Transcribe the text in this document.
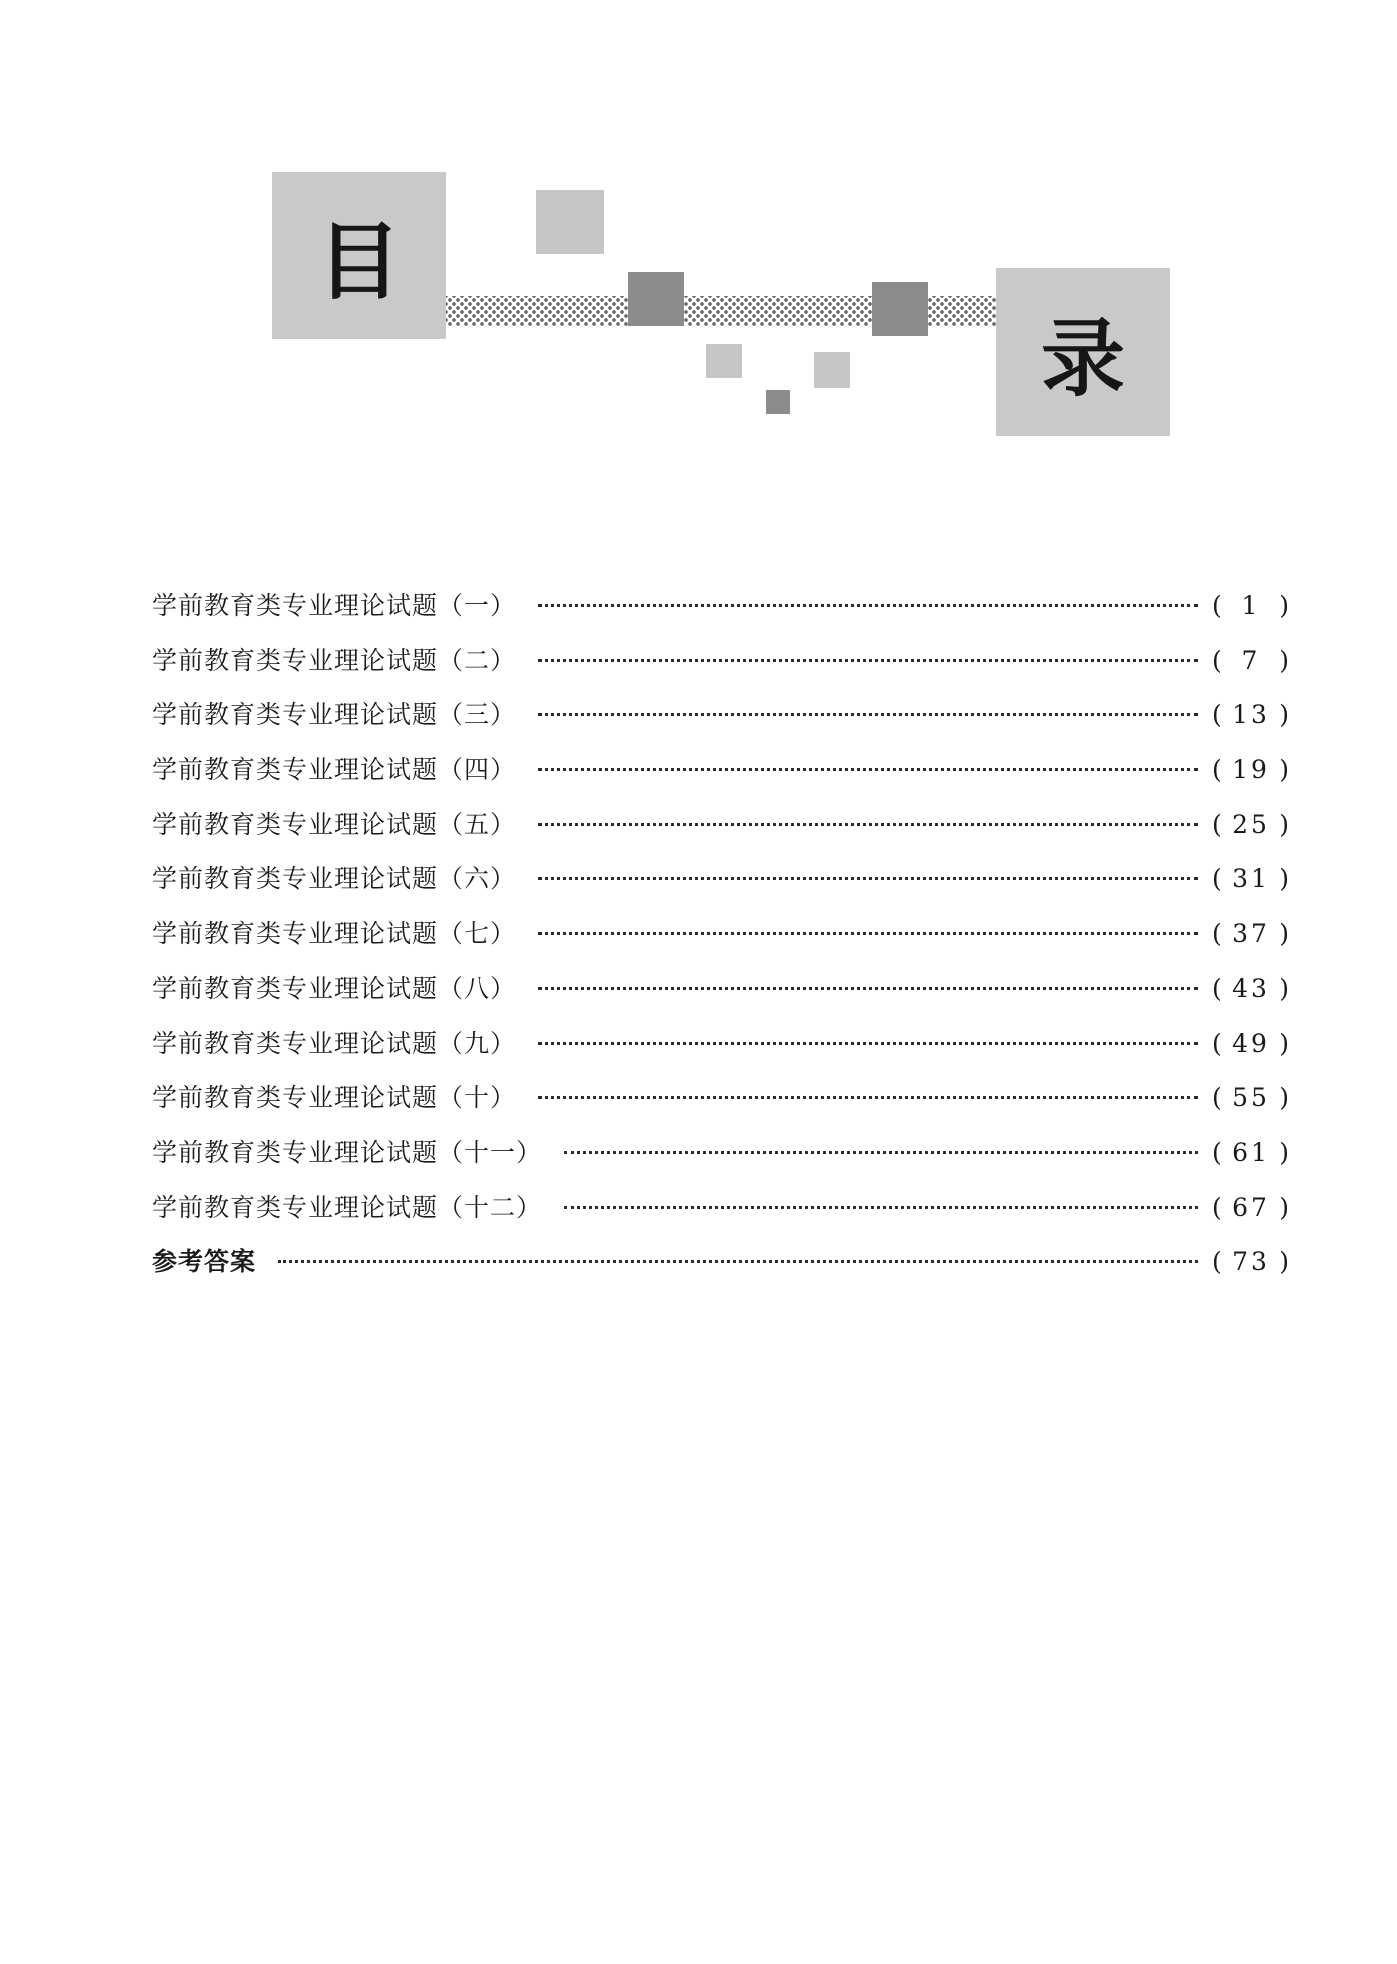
目
录
学前教育类专业理论试题（一）	( 1 )
学前教育类专业理论试题（二）	( 7 )
学前教育类专业理论试题（三）	( 13 )
学前教育类专业理论试题（四）	( 19 )
学前教育类专业理论试题（五）	( 25 )
学前教育类专业理论试题（六）	( 31 )
学前教育类专业理论试题（七）	( 37 )
学前教育类专业理论试题（八）	( 43 )
学前教育类专业理论试题（九）	( 49 )
学前教育类专业理论试题（十）	( 55 )
学前教育类专业理论试题（十一）	( 61 )
学前教育类专业理论试题（十二）	( 67 )
参考答案	( 73 )
